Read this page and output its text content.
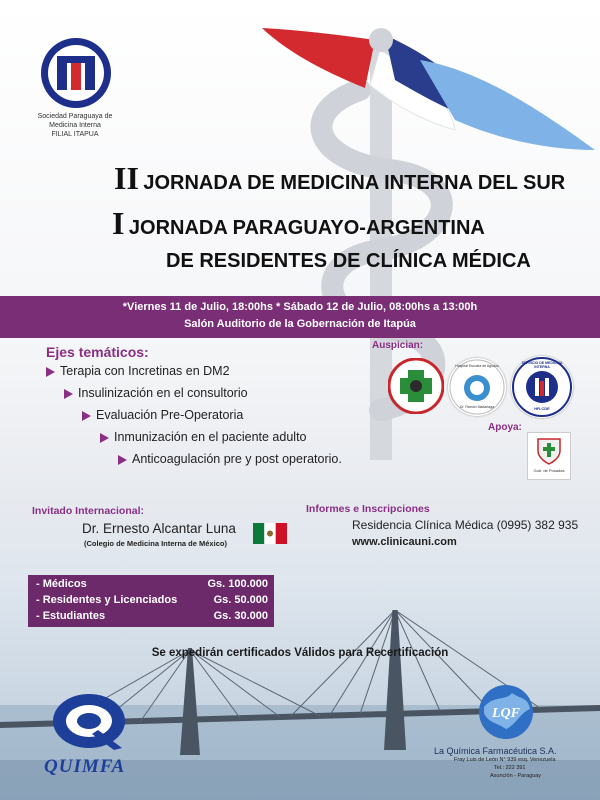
Sociedad Paraguaya de
Medicina Interna
FILIAL ITAPUA
II JORNADA DE MEDICINA INTERNA DEL SUR
I JORNADA PARAGUAYO-ARGENTINA
DE RESIDENTES DE CLÍNICA MÉDICA
*Viernes 11 de Julio, 18:00hs * Sábado 12 de Julio, 08:00hs a 13:00h
Salón Auditorio de la Gobernación de Itapúa
Ejes temáticos:
Terapia con Incretinas en DM2
Insulinización en el consultorio
Evaluación Pre-Operatoria
Inmunización en el paciente adulto
Anticoagulación pre y post operatorio.
Auspician:
Hospital Escuela de Agudos
Dr. Ramón Madariaga
SERVICIO DE MEDICINA INTERNA
HR-CDE
Apoya:
Gob. de Posadas
Invitado Internacional:
Dr. Ernesto Alcantar Luna
(Colegio de Medicina Interna de México)
Informes e Inscripciones
Residencia Clínica Médica (0995) 382 935
www.clinicauni.com
- Médicos	Gs. 100.000
- Residentes y Licenciados	Gs. 50.000
- Estudiantes	Gs. 30.000
Se expedirán certificados Válidos para Recertificación
QUIMFA
LQF
La Química Farmacéutica S.A.
Fray Luis de León N° 939 esq. Venezuela
Tel.: 222 391
Asunción - Paraguay
